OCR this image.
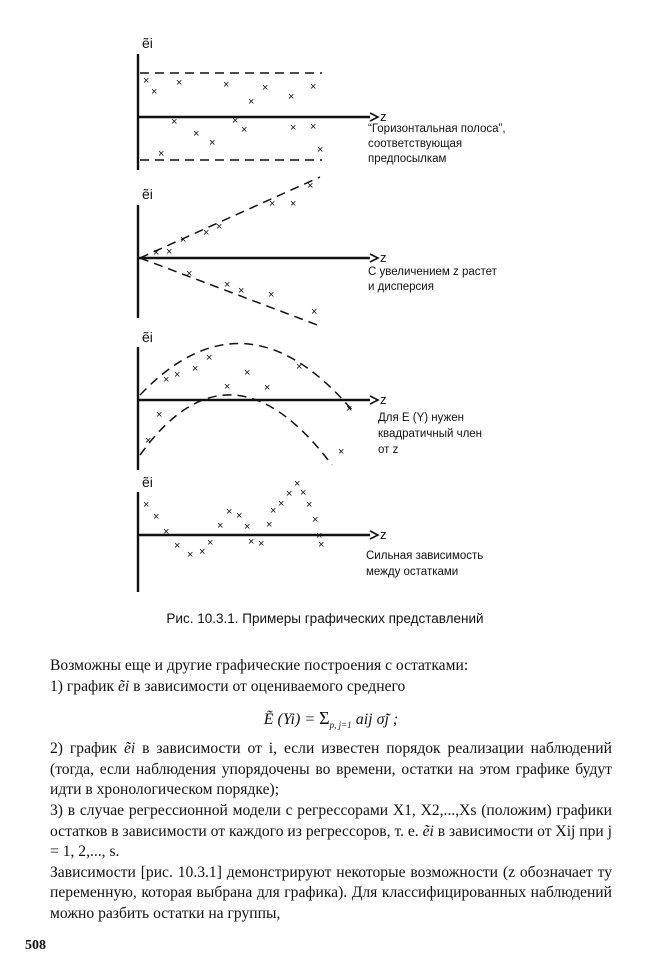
ẽi
z
×
×
×	×
×
×
×
×
×
×
×
×
×	× ×
×	×
“Горизонтальная полоса”, соответствующая предпосылкам
ẽi
z
×
× ×
× ×
×
× ×
×
× × ×
×
С увеличением z растет и дисперсия
ẽi
z
× × ×
×
×
×
×
×
×
×
×
×
Для E (Y) нужен квадратичный член от z
ẽi
z
×
×
×
×
× ×
×
×
× ×
×
× ×
×
×
×
×
×
×
×
×
×
×
Сильная зависимость между остатками
Рис. 10.3.1. Примеры графических представлений

Возможны еще и другие графические построения с остатками:
1) график ẽi в зависимости от оцениваемого среднего

Ẽ $(Yi) = \Sigma_{p, j=1}$ aij σ̃j ;

2) график ẽi в зависимости от i, если известен порядок реализации наблюдений (тогда, если наблюдения упорядочены во времени, остатки на этом графике будут идти в хронологическом порядке);

3) в случае регрессионной модели с регрессорами X1, X2,...,Xs (положим) графики остатков в зависимости от каждого из регрессоров, т. е. ẽi в зависимости от Xij при j = 1, 2,..., s.

Зависимости [рис. 10.3.1] демонстрируют некоторые возможности (z обозначает ту переменную, которая выбрана для графика). Для классифицированных наблюдений можно разбить остатки на группы,

508
